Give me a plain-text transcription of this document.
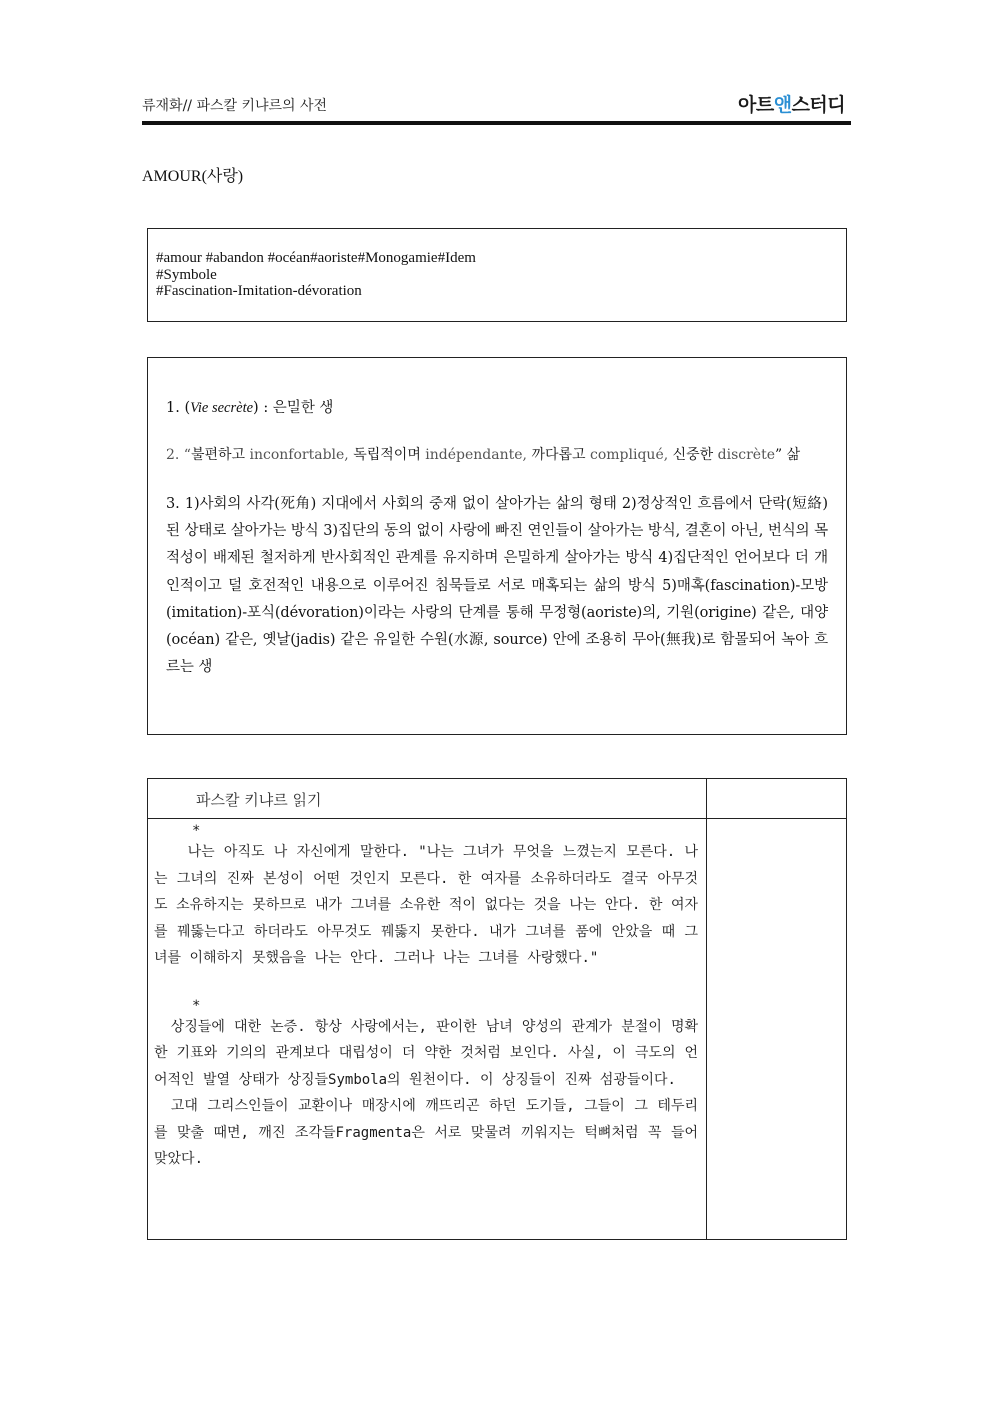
류재화// 파스칼 키냐르의 사전	아트앤스터디
AMOUR(사랑)
#amour #abandon #océan#aoriste#Monogamie#Idem
#Symbole
#Fascination-Imitation-dévoration
1. (Vie secrète) : 은밀한 생
2. “불편하고 inconfortable, 독립적이며 indépendante, 까다롭고 compliqué, 신중한 discrète” 삶
3. 1)사회의 사각(死角) 지대에서 사회의 중재 없이 살아가는 삶의 형태 2)정상적인 흐름에서 단락(短絡)된 상태로 살아가는 방식 3)집단의 동의 없이 사랑에 빠진 연인들이 살아가는 방식, 결혼이 아닌, 번식의 목적성이 배제된 철저하게 반사회적인 관계를 유지하며 은밀하게 살아가는 방식 4)집단적인 언어보다 더 개인적이고 덜 호전적인 내용으로 이루어진 침묵들로 서로 매혹되는 삶의 방식 5)매혹(fascination)-모방(imitation)-포식(dévoration)이라는 사랑의 단계를 통해 무정형(aoriste)의, 기원(origine) 같은, 대양(océan) 같은, 옛날(jadis) 같은 유일한 수원(水源, source) 안에 조용히 무아(無我)로 함몰되어 녹아 흐르는 생
파스칼 키냐르 읽기
*
나는 아직도 나 자신에게 말한다. "나는 그녀가 무엇을 느꼈는지 모른다. 나는 그녀의 진짜 본성이 어떤 것인지 모른다. 한 여자를 소유하더라도 결국 아무것도 소유하지는 못하므로 내가 그녀를 소유한 적이 없다는 것을 나는 안다. 한 여자를 꿰뚫는다고 하더라도 아무것도 꿰뚫지 못한다. 내가 그녀를 품에 안았을 때 그녀를 이해하지 못했음을 나는 안다. 그러나 나는 그녀를 사랑했다."
*
상징들에 대한 논증. 항상 사랑에서는, 판이한 남녀 양성의 관계가 분절이 명확한 기표와 기의의 관계보다 대립성이 더 약한 것처럼 보인다. 사실, 이 극도의 언어적인 발열 상태가 상징들Symbola의 원천이다. 이 상징들이 진짜 섬광들이다.
고대 그리스인들이 교환이나 매장시에 깨뜨리곤 하던 도기들, 그들이 그 테두리를 맞출 때면, 깨진 조각들Fragmenta은 서로 맞물려 끼워지는 턱뼈처럼 꼭 들어맞았다.
